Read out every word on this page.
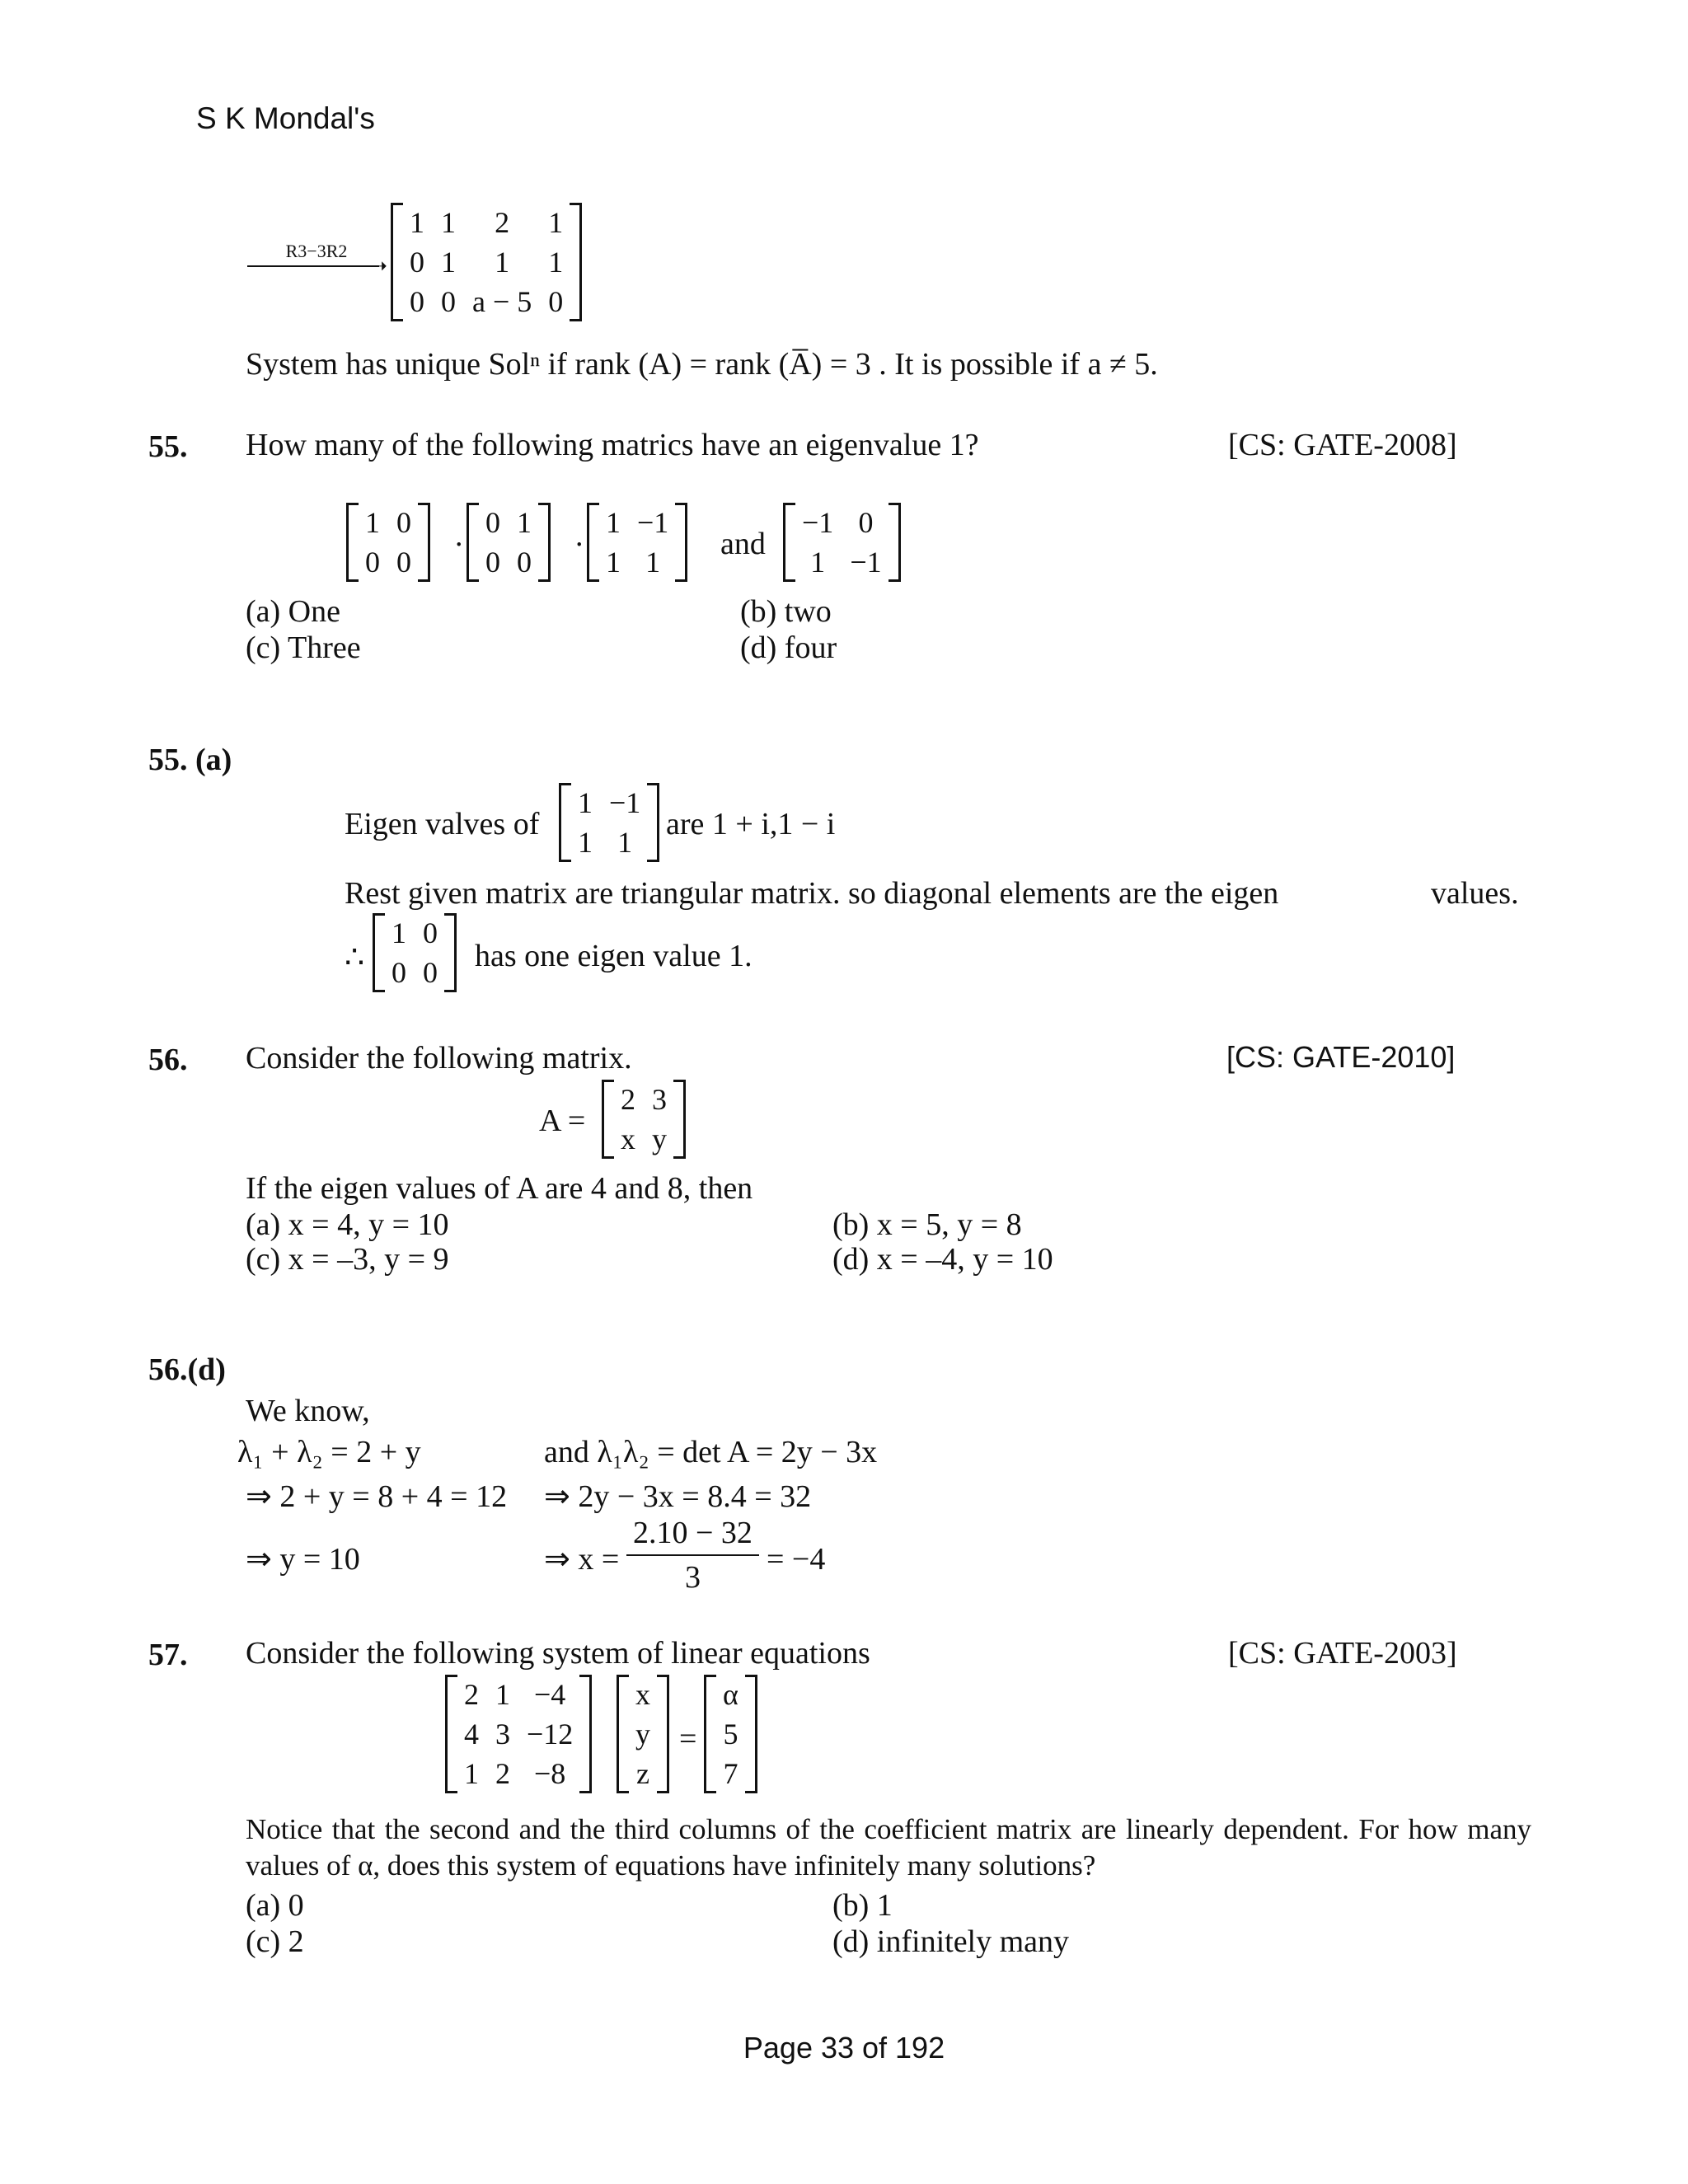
S K Mondal's
R3−3R2
➝
1	1	2	1
0	1	1	1
0	0	a − 5	0
System has unique Solⁿ if rank (A) = rank (A̅) = 3 . It is possible if a ≠ 5.
55. How many of the following matrics have an eigenvalue 1?	[CS: GATE-2008]
1	0
0	0
. 0	1
0	0
. 1	−1
1	1
and
−1	0
1	−1
(a) One	(b) two
(c) Three	(d) four
55. (a)
Eigen valves of
1	−1
1	1
are 1 + i,1 − i
Rest given matrix are triangular matrix. so diagonal elements are the eigen	values.
∴
1	0
0	0 has one eigen value 1.
56. Consider the following matrix.	[CS: GATE-2010]
A =
2	3
x	y
If the eigen values of A are 4 and 8, then
(a) x = 4, y = 10	(b) x = 5, y = 8
(c) x = –3, y = 9	(d) x = –4, y = 10
56.(d)
We know,
λ₁ + λ₂ = 2 + y	and λ₁λ₂ = det A = 2y − 3x
⇒ 2 + y = 8 + 4 = 12 ⇒ 2y − 3x = 8.4 = 32
⇒ y = 10	⇒ $x = \frac{2.10 - 32}{3} = -4$
57. Consider the following system of linear equations	[CS: GATE-2003]
2	1	−4
4	3	−12
1	2	−8
x
y
z
=
α
5
7
Notice that the second and the third columns of the coefficient matrix are linearly dependent. For how many values of α, does this system of equations have infinitely many solutions?
(a) 0	(b) 1
(c) 2	(d) infinitely many
Page 33 of 192
